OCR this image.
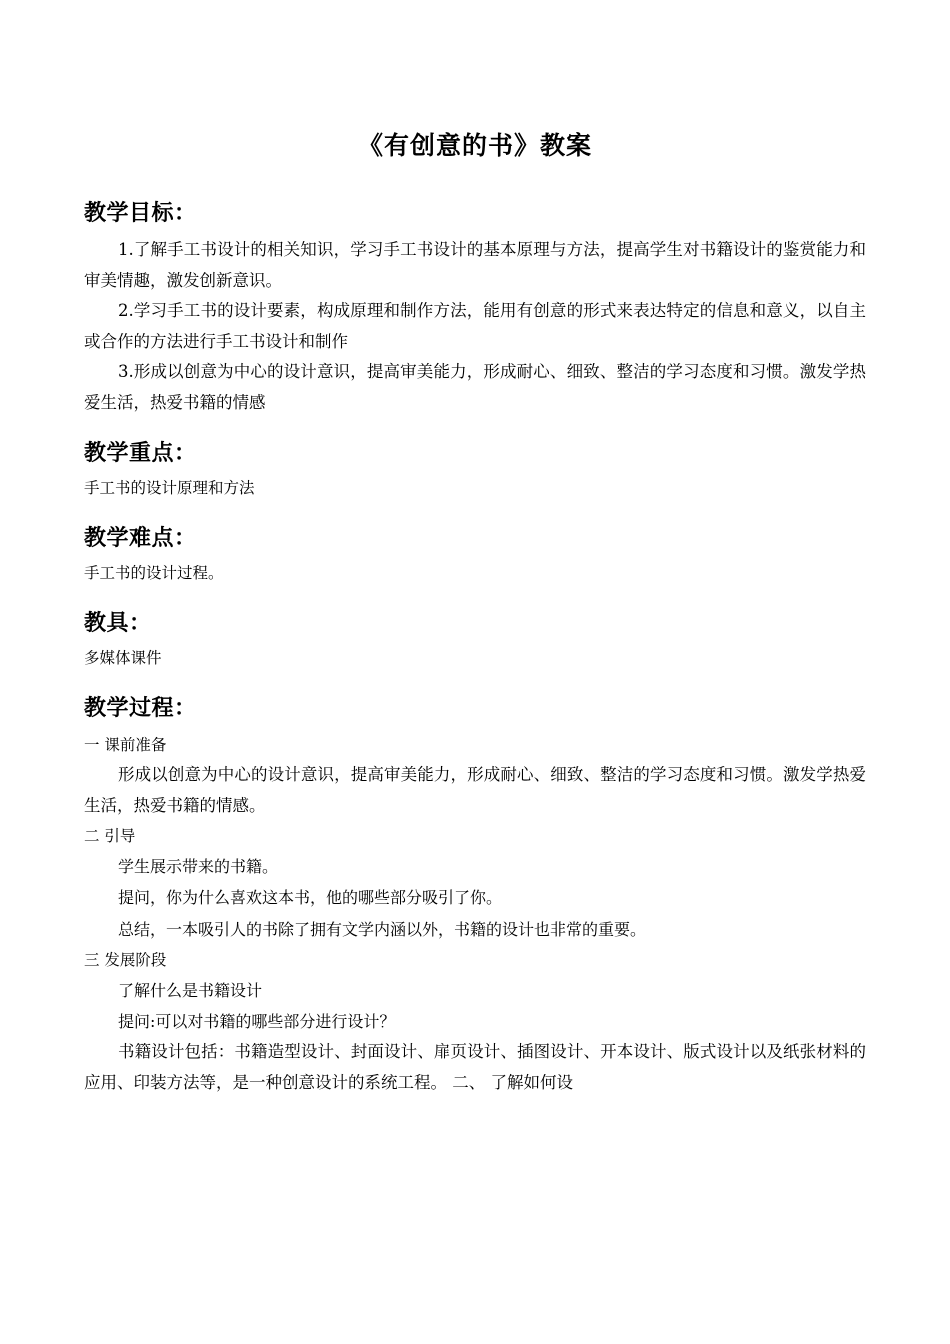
《有创意的书》教案
教学目标：

1.了解手工书设计的相关知识，学习手工书设计的基本原理与方法，提高学生对书籍设计的鉴赏能力和审美情趣，激发创新意识。

2.学习手工书的设计要素，构成原理和制作方法，能用有创意的形式来表达特定的信息和意义，以自主或合作的方法进行手工书设计和制作

3.形成以创意为中心的设计意识，提高审美能力，形成耐心、细致、整洁的学习态度和习惯。激发学热爱生活，热爱书籍的情感

教学重点：

手工书的设计原理和方法

教学难点：

手工书的设计过程。

教具：

多媒体课件

教学过程：

一 课前准备

形成以创意为中心的设计意识，提高审美能力，形成耐心、细致、整洁的学习态度和习惯。激发学热爱生活，热爱书籍的情感。

二 引导

学生展示带来的书籍。

提问，你为什么喜欢这本书，他的哪些部分吸引了你。

总结，一本吸引人的书除了拥有文学内涵以外，书籍的设计也非常的重要。

三 发展阶段

了解什么是书籍设计

提问:可以对书籍的哪些部分进行设计？

书籍设计包括：书籍造型设计、封面设计、扉页设计、插图设计、开本设计、版式设计以及纸张材料的应用、印装方法等，是一种创意设计的系统工程。 二、 了解如何设
